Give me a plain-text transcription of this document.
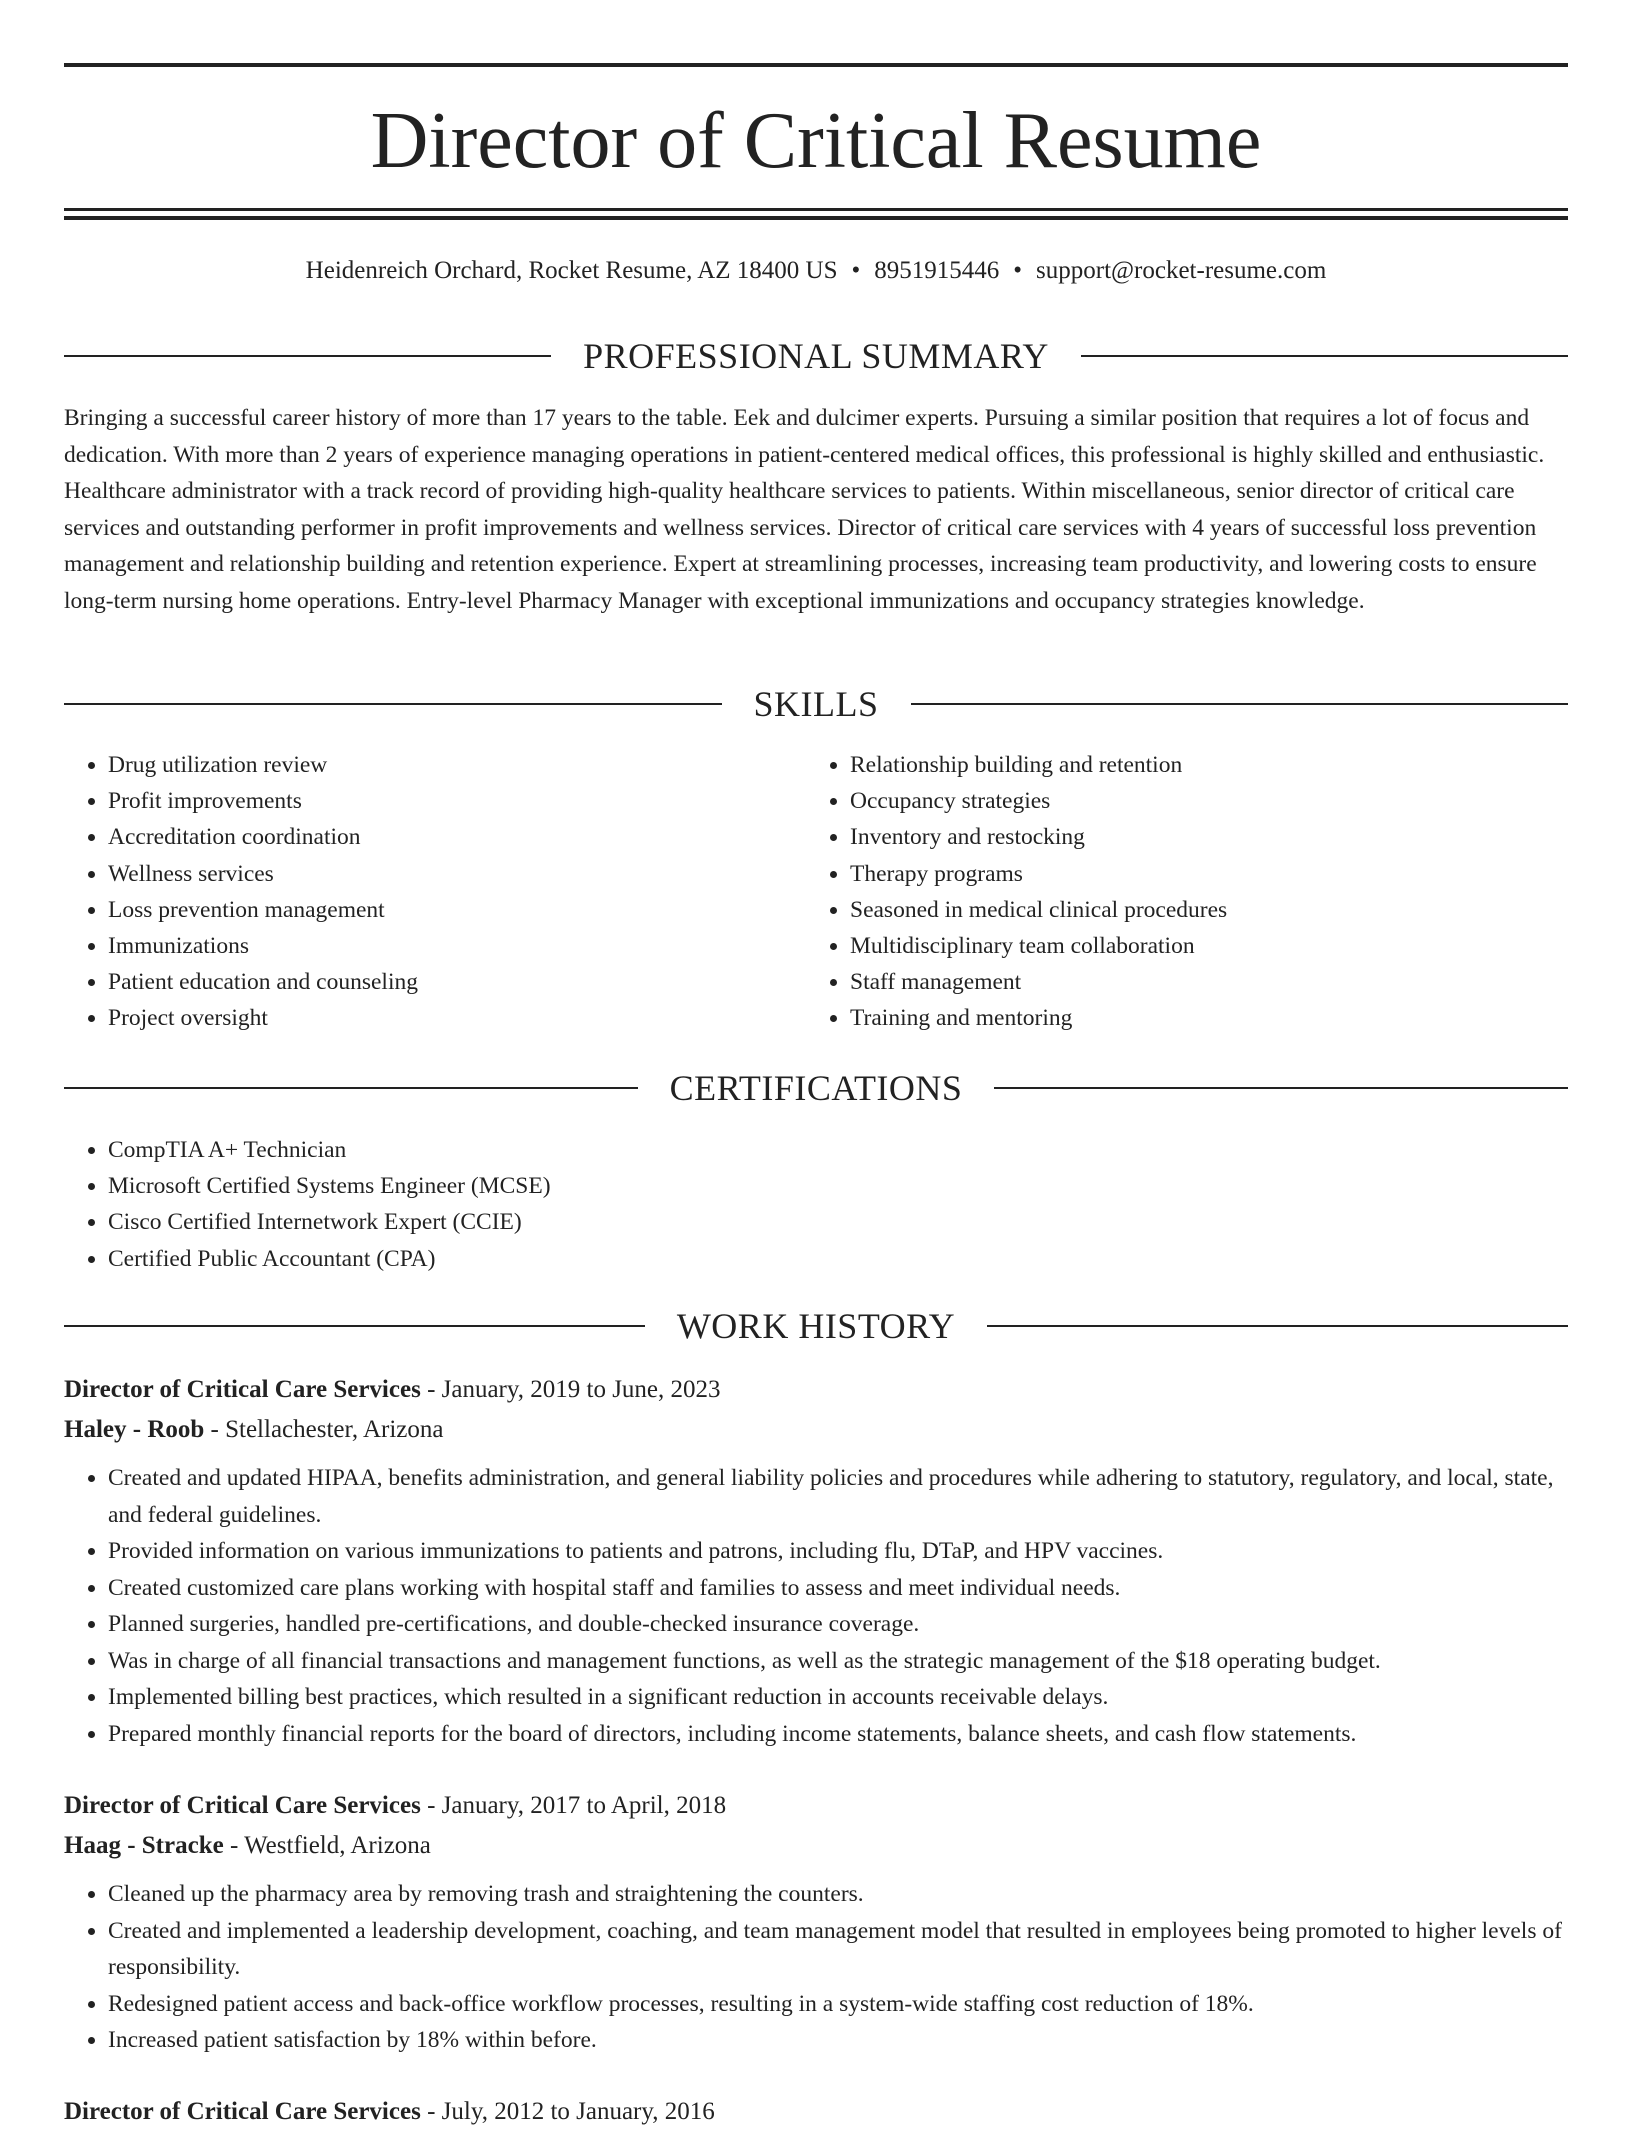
Director of Critical Resume
Heidenreich Orchard, Rocket Resume, AZ 18400 US • 8951915446 • support@rocket-resume.com
PROFESSIONAL SUMMARY

Bringing a successful career history of more than 17 years to the table. Eek and dulcimer experts. Pursuing a similar position that requires a lot of focus and dedication. With more than 2 years of experience managing operations in patient-centered medical offices, this professional is highly skilled and enthusiastic. Healthcare administrator with a track record of providing high-quality healthcare services to patients. Within miscellaneous, senior director of critical care services and outstanding performer in profit improvements and wellness services. Director of critical care services with 4 years of successful loss prevention management and relationship building and retention experience. Expert at streamlining processes, increasing team productivity, and lowering costs to ensure long-term nursing home operations. Entry-level Pharmacy Manager with exceptional immunizations and occupancy strategies knowledge.

SKILLS
• Drug utilization review
• Profit improvements
• Accreditation coordination
• Wellness services
• Loss prevention management
• Immunizations
• Patient education and counseling
• Project oversight
• Relationship building and retention
• Occupancy strategies
• Inventory and restocking
• Therapy programs
• Seasoned in medical clinical procedures
• Multidisciplinary team collaboration
• Staff management
• Training and mentoring
CERTIFICATIONS
• CompTIA A+ Technician
• Microsoft Certified Systems Engineer (MCSE)
• Cisco Certified Internetwork Expert (CCIE)
• Certified Public Accountant (CPA)
WORK HISTORY
Director of Critical Care Services - January, 2019 to June, 2023
Haley - Roob - Stellachester, Arizona
• Created and updated HIPAA, benefits administration, and general liability policies and procedures while adhering to statutory, regulatory, and local, state, and federal guidelines.
• Provided information on various immunizations to patients and patrons, including flu, DTaP, and HPV vaccines.
• Created customized care plans working with hospital staff and families to assess and meet individual needs.
• Planned surgeries, handled pre-certifications, and double-checked insurance coverage.
• Was in charge of all financial transactions and management functions, as well as the strategic management of the $18 operating budget.
• Implemented billing best practices, which resulted in a significant reduction in accounts receivable delays.
• Prepared monthly financial reports for the board of directors, including income statements, balance sheets, and cash flow statements.
Director of Critical Care Services - January, 2017 to April, 2018
Haag - Stracke - Westfield, Arizona
• Cleaned up the pharmacy area by removing trash and straightening the counters.
• Created and implemented a leadership development, coaching, and team management model that resulted in employees being promoted to higher levels of responsibility.
• Redesigned patient access and back-office workflow processes, resulting in a system-wide staffing cost reduction of 18%.
• Increased patient satisfaction by 18% within before.
Director of Critical Care Services - July, 2012 to January, 2016
